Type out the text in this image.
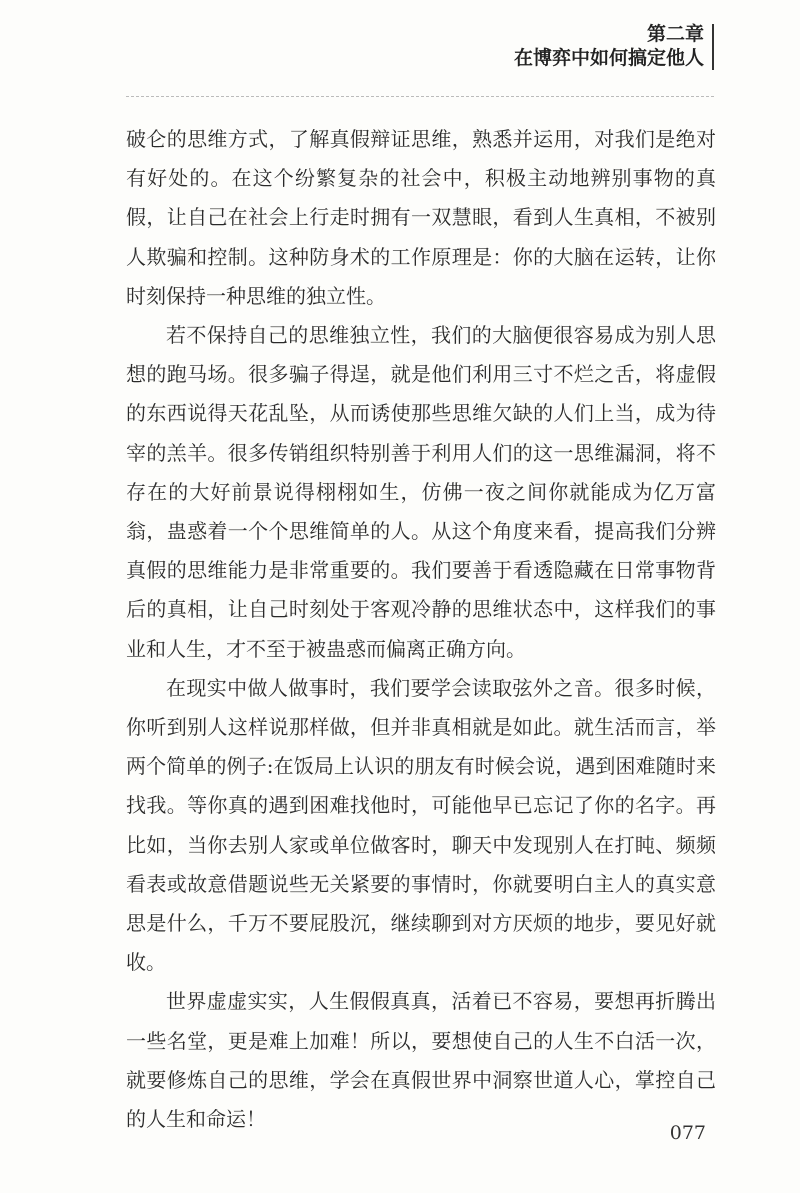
第二章
在博弈中如何搞定他人

破仑的思维方式，了解真假辩证思维，熟悉并运用，对我们是绝对有好处的。在这个纷繁复杂的社会中，积极主动地辨别事物的真假，让自己在社会上行走时拥有一双慧眼，看到人生真相，不被别人欺骗和控制。这种防身术的工作原理是：你的大脑在运转，让你时刻保持一种思维的独立性。

若不保持自己的思维独立性，我们的大脑便很容易成为别人思想的跑马场。很多骗子得逞，就是他们利用三寸不烂之舌，将虚假的东西说得天花乱坠，从而诱使那些思维欠缺的人们上当，成为待宰的羔羊。很多传销组织特别善于利用人们的这一思维漏洞，将不存在的大好前景说得栩栩如生，仿佛一夜之间你就能成为亿万富翁，蛊惑着一个个思维简单的人。从这个角度来看，提高我们分辨真假的思维能力是非常重要的。我们要善于看透隐藏在日常事物背后的真相，让自己时刻处于客观冷静的思维状态中，这样我们的事业和人生，才不至于被蛊惑而偏离正确方向。

在现实中做人做事时，我们要学会读取弦外之音。很多时候，你听到别人这样说那样做，但并非真相就是如此。就生活而言，举两个简单的例子:在饭局上认识的朋友有时候会说，遇到困难随时来找我。等你真的遇到困难找他时，可能他早已忘记了你的名字。再比如，当你去别人家或单位做客时，聊天中发现别人在打盹、频频看表或故意借题说些无关紧要的事情时，你就要明白主人的真实意思是什么，千万不要屁股沉，继续聊到对方厌烦的地步，要见好就收。

世界虚虚实实，人生假假真真，活着已不容易，要想再折腾出一些名堂，更是难上加难！所以，要想使自己的人生不白活一次，就要修炼自己的思维，学会在真假世界中洞察世道人心，掌控自己的人生和命运！

077
